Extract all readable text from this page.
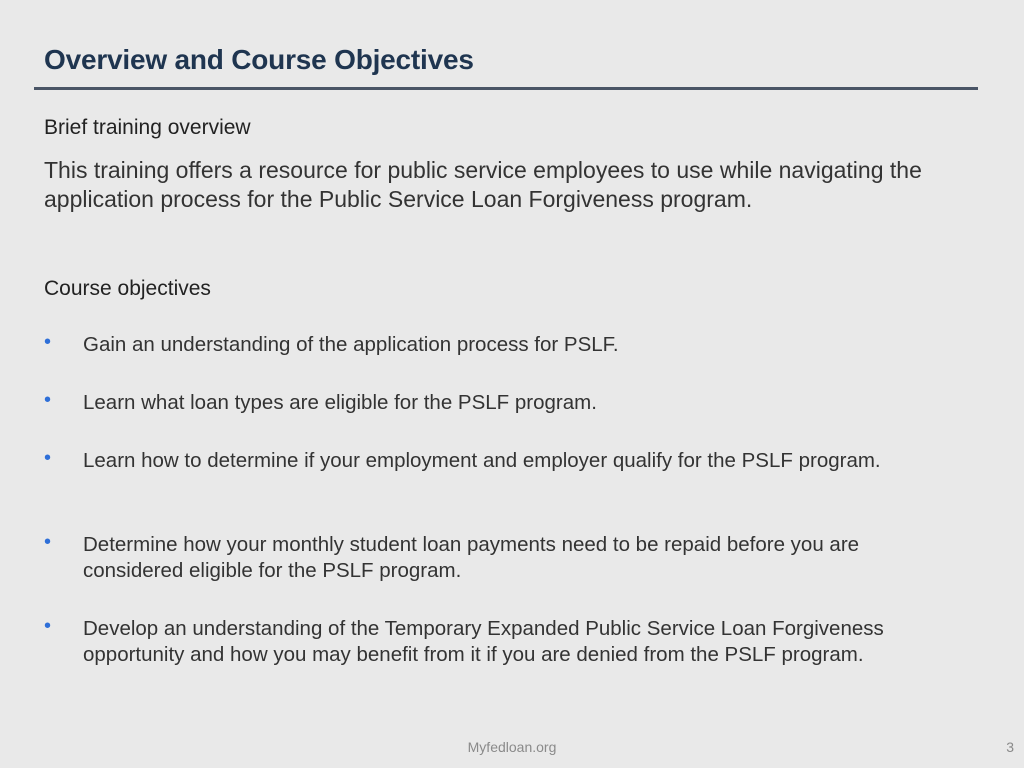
Overview and Course Objectives
Brief training overview
This training offers a resource for public service employees to use while navigating the application process for the Public Service Loan Forgiveness program.
Course objectives
• Gain an understanding of the application process for PSLF.
• Learn what loan types are eligible for the PSLF program.
• Learn how to determine if your employment and employer qualify for the PSLF program.
• Determine how your monthly student loan payments need to be repaid before you are considered eligible for the PSLF program.
• Develop an understanding of the Temporary Expanded Public Service Loan Forgiveness opportunity and how you may benefit from it if you are denied from the PSLF program.
Myfedloan.org	3
